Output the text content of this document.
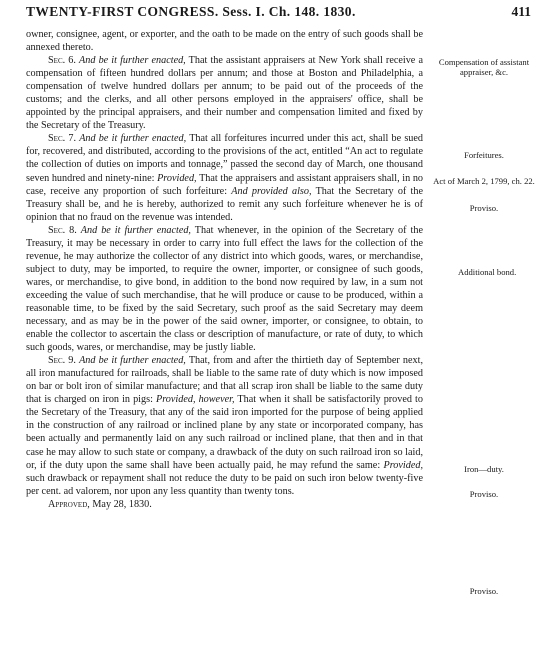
TWENTY-FIRST CONGRESS. Sess. I. Ch. 148. 1830.	411

owner, consignee, agent, or exporter, and the oath to be made on the entry of such goods shall be annexed thereto.

Sec. 6. And be it further enacted, That the assistant appraisers at New York shall receive a compensation of fifteen hundred dollars per annum; and those at Boston and Philadelphia, a compensation of twelve hundred dollars per annum; to be paid out of the proceeds of the customs; and the clerks, and all other persons employed in the appraisers' office, shall be appointed by the principal appraisers, and their number and compensation limited and fixed by the Secretary of the Treasury.

Sec. 7. And be it further enacted, That all forfeitures incurred under this act, shall be sued for, recovered, and distributed, according to the provisions of the act, entitled “An act to regulate the collection of duties on imports and tonnage,” passed the second day of March, one thousand seven hundred and ninety-nine: Provided, That the appraisers and assistant appraisers shall, in no case, receive any proportion of such forfeiture: And provided also, That the Secretary of the Treasury shall be, and he is hereby, authorized to remit any such forfeiture whenever he is of opinion that no fraud on the revenue was intended.

Sec. 8. And be it further enacted, That whenever, in the opinion of the Secretary of the Treasury, it may be necessary in order to carry into full effect the laws for the collection of the revenue, he may authorize the collector of any district into which goods, wares, or merchandise, subject to duty, may be imported, to require the owner, importer, or consignee of such goods, wares, or merchandise, to give bond, in addition to the bond now required by law, in a sum not exceeding the value of such merchandise, that he will produce or cause to be produced, within a reasonable time, to be fixed by the said Secretary, such proof as the said Secretary may deem necessary, and as may be in the power of the said owner, importer, or consignee, to obtain, to enable the collector to ascertain the class or description of manufacture, or rate of duty, to which such goods, wares, or merchandise, may be justly liable.

Sec. 9. And be it further enacted, That, from and after the thirtieth day of September next, all iron manufactured for railroads, shall be liable to the same rate of duty which is now imposed on bar or bolt iron of similar manufacture; and that all scrap iron shall be liable to the same duty that is charged on iron in pigs: Provided, however, That when it shall be satisfactorily proved to the Secretary of the Treasury, that any of the said iron imported for the purpose of being applied in the construction of any railroad or inclined plane by any state or incorporated company, has been actually and permanently laid on any such railroad or inclined plane, that then and in that case he may allow to such state or company, a drawback of the duty on such railroad iron so laid, or, if the duty upon the same shall have been actually paid, he may refund the same: Provided, such drawback or repayment shall not reduce the duty to be paid on such iron below twenty-five per cent. ad valorem, nor upon any less quantity than twenty tons.

Approved, May 28, 1830.

Compensation of assistant appraiser, &c.
Forfeitures.
Act of March 2, 1799, ch. 22.
Proviso.
Additional bond.
Iron—duty.
Proviso.
Proviso.
